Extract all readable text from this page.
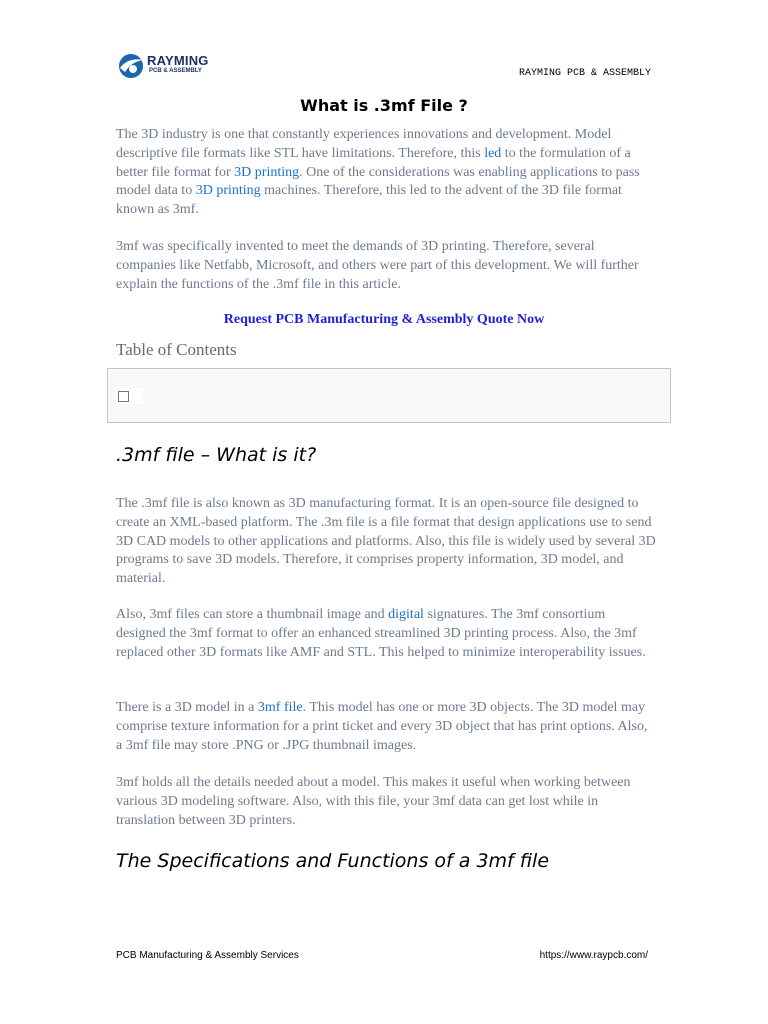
RAYMING
PCB & ASSEMBLY	RAYMING PCB & ASSEMBLY
What is .3mf File ?

The 3D industry is one that constantly experiences innovations and development. Model descriptive file formats like STL have limitations. Therefore, this led to the formulation of a better file format for 3D printing. One of the considerations was enabling applications to pass model data to 3D printing machines. Therefore, this led to the advent of the 3D file format known as 3mf.

3mf was specifically invented to meet the demands of 3D printing. Therefore, several companies like Netfabb, Microsoft, and others were part of this development. We will further explain the functions of the .3mf file in this article.

Request PCB Manufacturing & Assembly Quote Now
Table of Contents
.3mf file – What is it?

The .3mf file is also known as 3D manufacturing format. It is an open-source file designed to create an XML-based platform. The .3m file is a file format that design applications use to send 3D CAD models to other applications and platforms. Also, this file is widely used by several 3D programs to save 3D models. Therefore, it comprises property information, 3D model, and material.

Also, 3mf files can store a thumbnail image and digital signatures. The 3mf consortium designed the 3mf format to offer an enhanced streamlined 3D printing process. Also, the 3mf replaced other 3D formats like AMF and STL. This helped to minimize interoperability issues.

There is a 3D model in a 3mf file. This model has one or more 3D objects. The 3D model may comprise texture information for a print ticket and every 3D object that has print options. Also, a 3mf file may store .PNG or .JPG thumbnail images.

3mf holds all the details needed about a model. This makes it useful when working between various 3D modeling software. Also, with this file, your 3mf data can get lost while in translation between 3D printers.

The Specifications and Functions of a 3mf file
PCB Manufacturing & Assembly Services	https://www.raypcb.com/
